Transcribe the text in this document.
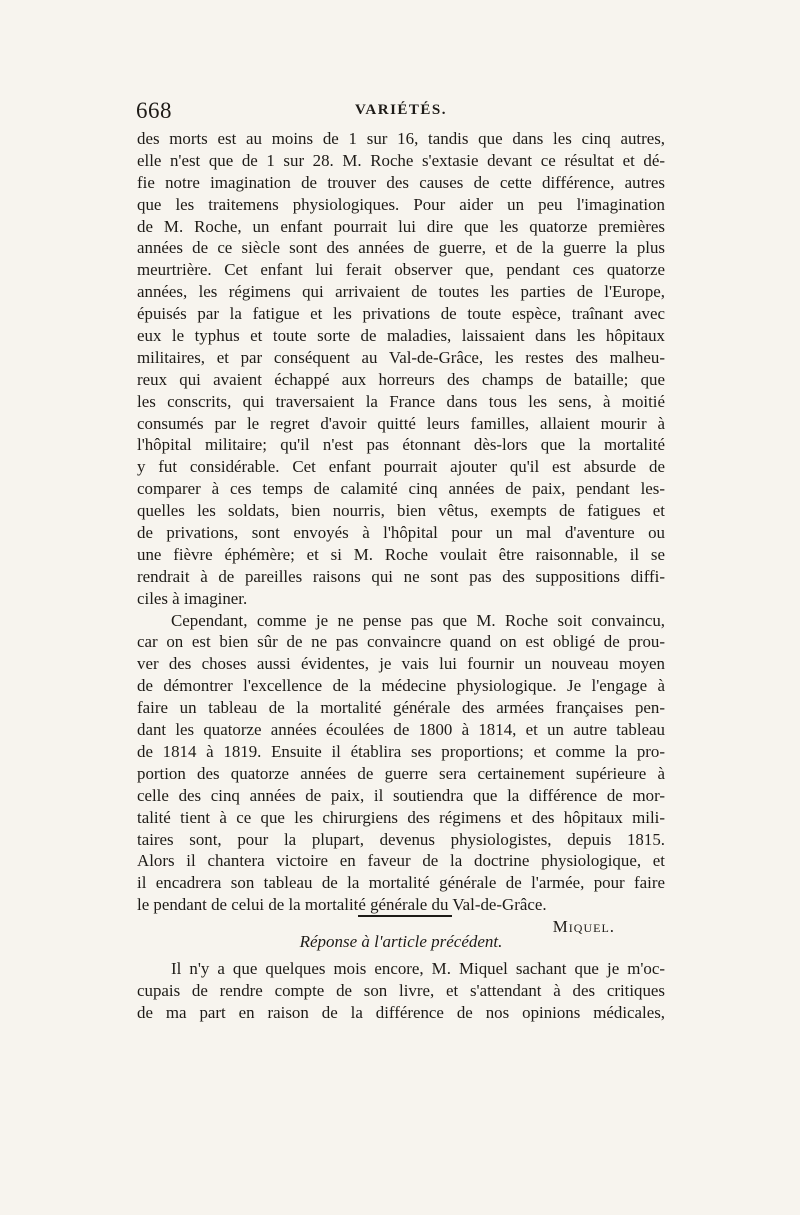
668	VARIÉTÉS.
des morts est au moins de 1 sur 16, tandis que dans les cinq autres,
elle n'est que de 1 sur 28. M. Roche s'extasie devant ce résultat et dé-
fie notre imagination de trouver des causes de cette différence, autres
que les traitemens physiologiques. Pour aider un peu l'imagination
de M. Roche, un enfant pourrait lui dire que les quatorze premières
années de ce siècle sont des années de guerre, et de la guerre la plus
meurtrière. Cet enfant lui ferait observer que, pendant ces quatorze
années, les régimens qui arrivaient de toutes les parties de l'Europe,
épuisés par la fatigue et les privations de toute espèce, traînant avec
eux le typhus et toute sorte de maladies, laissaient dans les hôpitaux
militaires, et par conséquent au Val-de-Grâce, les restes des malheu-
reux qui avaient échappé aux horreurs des champs de bataille; que
les conscrits, qui traversaient la France dans tous les sens, à moitié
consumés par le regret d'avoir quitté leurs familles, allaient mourir à
l'hôpital militaire; qu'il n'est pas étonnant dès-lors que la mortalité
y fut considérable. Cet enfant pourrait ajouter qu'il est absurde de
comparer à ces temps de calamité cinq années de paix, pendant les-
quelles les soldats, bien nourris, bien vêtus, exempts de fatigues et
de privations, sont envoyés à l'hôpital pour un mal d'aventure ou
une fièvre éphémère; et si M. Roche voulait être raisonnable, il se
rendrait à de pareilles raisons qui ne sont pas des suppositions diffi-
ciles à imaginer.
Cependant, comme je ne pense pas que M. Roche soit convaincu,
car on est bien sûr de ne pas convaincre quand on est obligé de prou-
ver des choses aussi évidentes, je vais lui fournir un nouveau moyen
de démontrer l'excellence de la médecine physiologique. Je l'engage à
faire un tableau de la mortalité générale des armées françaises pen-
dant les quatorze années écoulées de 1800 à 1814, et un autre tableau
de 1814 à 1819. Ensuite il établira ses proportions; et comme la pro-
portion des quatorze années de guerre sera certainement supérieure à
celle des cinq années de paix, il soutiendra que la différence de mor-
talité tient à ce que les chirurgiens des régimens et des hôpitaux mili-
taires sont, pour la plupart, devenus physiologistes, depuis 1815.
Alors il chantera victoire en faveur de la doctrine physiologique, et
il encadrera son tableau de la mortalité générale de l'armée, pour faire
le pendant de celui de la mortalité générale du Val-de-Grâce.
Miquel.
Réponse à l'article précédent.
Il n'y a que quelques mois encore, M. Miquel sachant que je m'oc-
cupais de rendre compte de son livre, et s'attendant à des critiques
de ma part en raison de la différence de nos opinions médicales,
